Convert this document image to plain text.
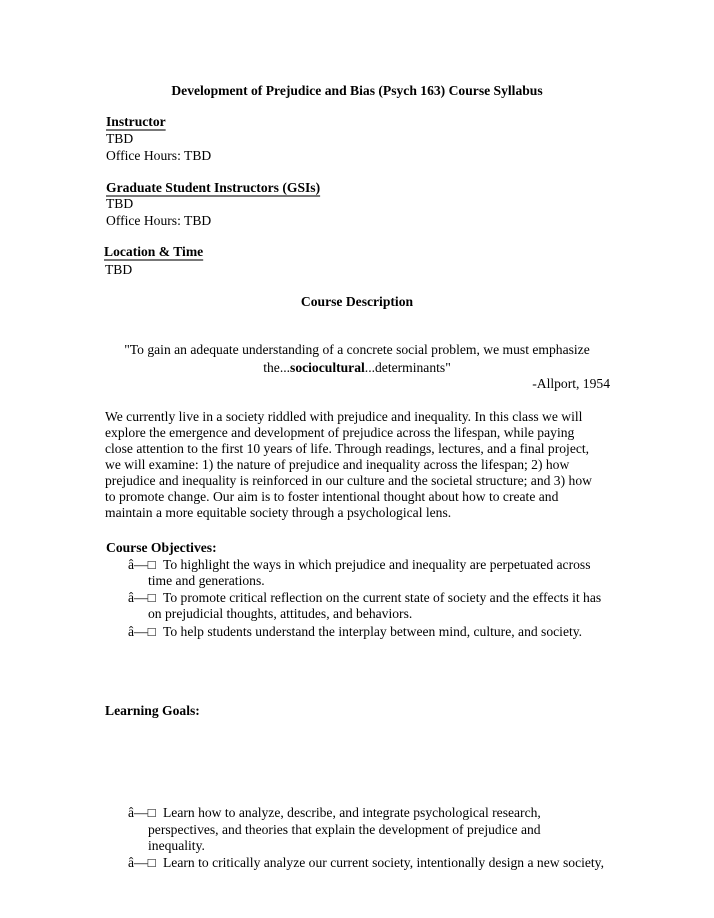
Development of Prejudice and Bias (Psych 163) Course Syllabus
Instructor
TBD
Office Hours: TBD
Graduate Student Instructors (GSIs)
TBD
Office Hours: TBD
Location & Time
TBD
Course Description
"To gain an adequate understanding of a concrete social problem, we must emphasize
the...sociocultural...determinants"
-Allport, 1954
We currently live in a society riddled with prejudice and inequality. In this class we will
explore the emergence and development of prejudice across the lifespan, while paying
close attention to the first 10 years of life. Through readings, lectures, and a final project,
we will examine: 1) the nature of prejudice and inequality across the lifespan; 2) how
prejudice and inequality is reinforced in our culture and the societal structure; and 3) how
to promote change. Our aim is to foster intentional thought about how to create and
maintain a more equitable society through a psychological lens.
Course Objectives:
â—□ To highlight the ways in which prejudice and inequality are perpetuated across
time and generations.
â—□ To promote critical reflection on the current state of society and the effects it has
on prejudicial thoughts, attitudes, and behaviors.
â—□ To help students understand the interplay between mind, culture, and society.
Learning Goals:
â—□ Learn how to analyze, describe, and integrate psychological research,
perspectives, and theories that explain the development of prejudice and
inequality.
â—□ Learn to critically analyze our current society, intentionally design a new society,
